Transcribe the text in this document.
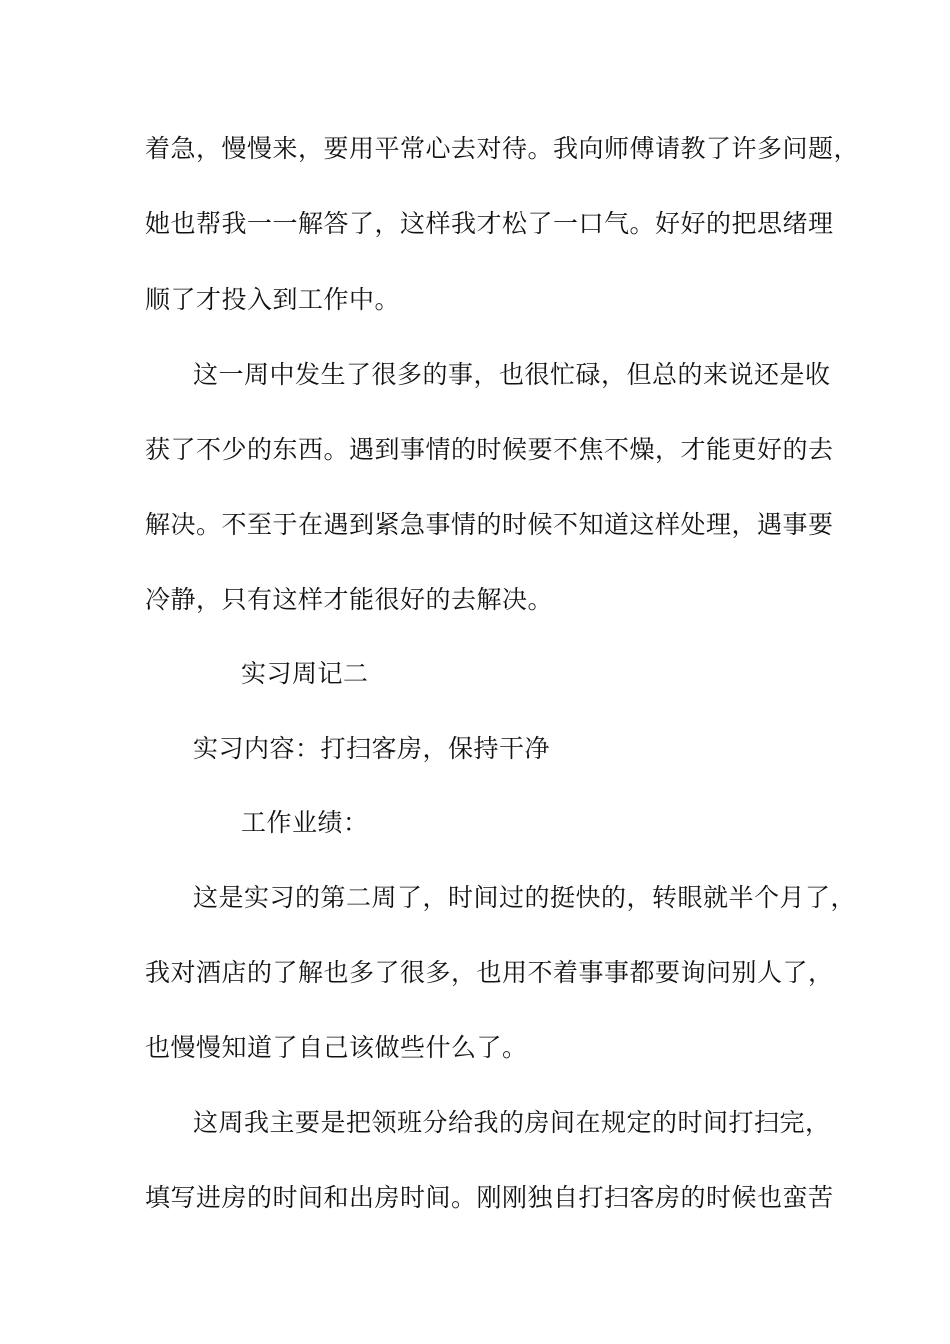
着急，慢慢来，要用平常心去对待。我向师傅请教了许多问题，
她也帮我一一解答了，这样我才松了一口气。好好的把思绪理
顺了才投入到工作中。
这一周中发生了很多的事，也很忙碌，但总的来说还是收
获了不少的东西。遇到事情的时候要不焦不燥，才能更好的去
解决。不至于在遇到紧急事情的时候不知道这样处理，遇事要
冷静，只有这样才能很好的去解决。
实习周记二
实习内容：打扫客房，保持干净
工作业绩：
这是实习的第二周了，时间过的挺快的，转眼就半个月了，
我对酒店的了解也多了很多，也用不着事事都要询问别人了，
也慢慢知道了自己该做些什么了。
这周我主要是把领班分给我的房间在规定的时间打扫完，
填写进房的时间和出房时间。刚刚独自打扫客房的时候也蛮苦
